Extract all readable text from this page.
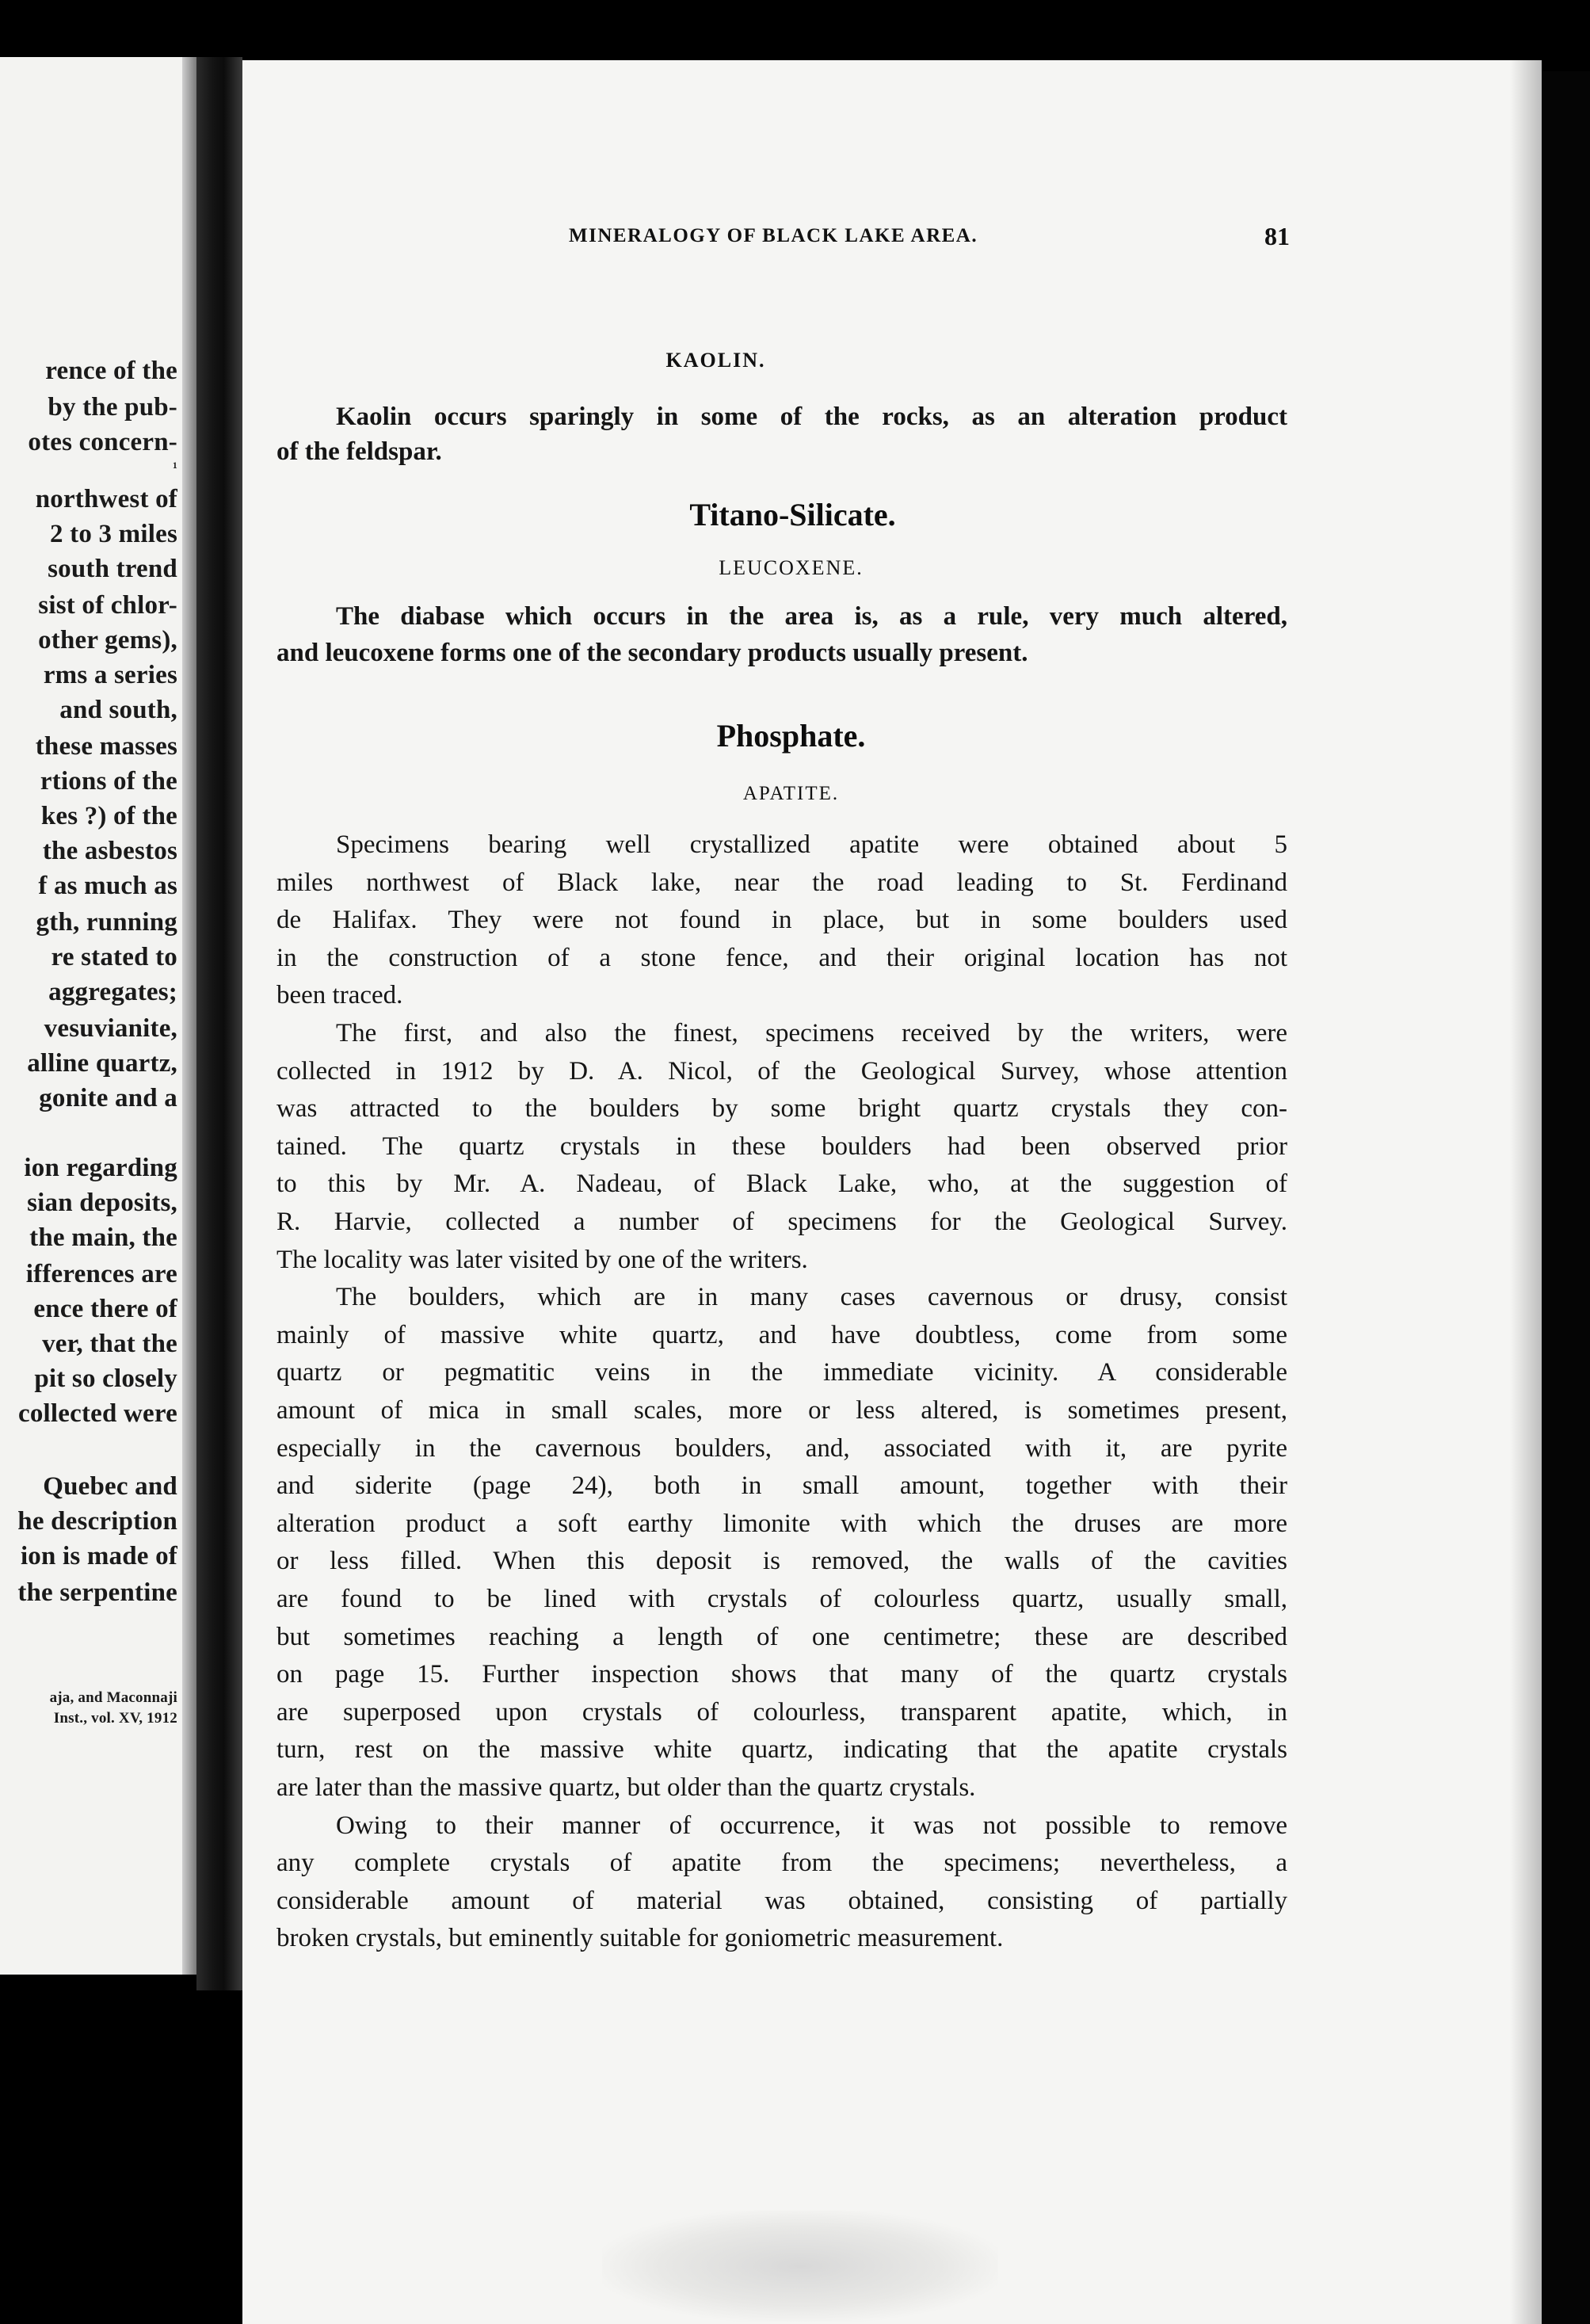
rence of the
by the pub-
otes concern-
¹
northwest of
2 to 3 miles
south trend
sist of chlor-
other gems),
rms a series
and south,
these masses
rtions of the
kes ?) of the
the asbestos
f as much as
gth, running
re stated to
aggregates;
vesuvianite,
alline quartz,
gonite and a
ion regarding
sian deposits,
the main, the
ifferences are
ence there of
ver, that the
pit so closely
collected were
Quebec and
he description
ion is made of
the serpentine
aja, and Maconnaji
Inst., vol. XV, 1912
MINERALOGY OF BLACK LAKE AREA.	81
KAOLIN.
Kaolin occurs sparingly in some of the rocks, as an alteration product
of the feldspar.
Titano-Silicate.
LEUCOXENE.
The diabase which occurs in the area is, as a rule, very much altered,
and leucoxene forms one of the secondary products usually present.
Phosphate.
APATITE.
Specimens bearing well crystallized apatite were obtained about 5
miles northwest of Black lake, near the road leading to St. Ferdinand
de Halifax. They were not found in place, but in some boulders used
in the construction of a stone fence, and their original location has not
been traced.
The first, and also the finest, specimens received by the writers, were
collected in 1912 by D. A. Nicol, of the Geological Survey, whose attention
was attracted to the boulders by some bright quartz crystals they con-
tained. The quartz crystals in these boulders had been observed prior
to this by Mr. A. Nadeau, of Black Lake, who, at the suggestion of
R. Harvie, collected a number of specimens for the Geological Survey.
The locality was later visited by one of the writers.
The boulders, which are in many cases cavernous or drusy, consist
mainly of massive white quartz, and have doubtless, come from some
quartz or pegmatitic veins in the immediate vicinity. A considerable
amount of mica in small scales, more or less altered, is sometimes present,
especially in the cavernous boulders, and, associated with it, are pyrite
and siderite (page 24), both in small amount, together with their
alteration product a soft earthy limonite with which the druses are more
or less filled. When this deposit is removed, the walls of the cavities
are found to be lined with crystals of colourless quartz, usually small,
but sometimes reaching a length of one centimetre; these are described
on page 15. Further inspection shows that many of the quartz crystals
are superposed upon crystals of colourless, transparent apatite, which, in
turn, rest on the massive white quartz, indicating that the apatite crystals
are later than the massive quartz, but older than the quartz crystals.
Owing to their manner of occurrence, it was not possible to remove
any complete crystals of apatite from the specimens; nevertheless, a
considerable amount of material was obtained, consisting of partially
broken crystals, but eminently suitable for goniometric measurement.
